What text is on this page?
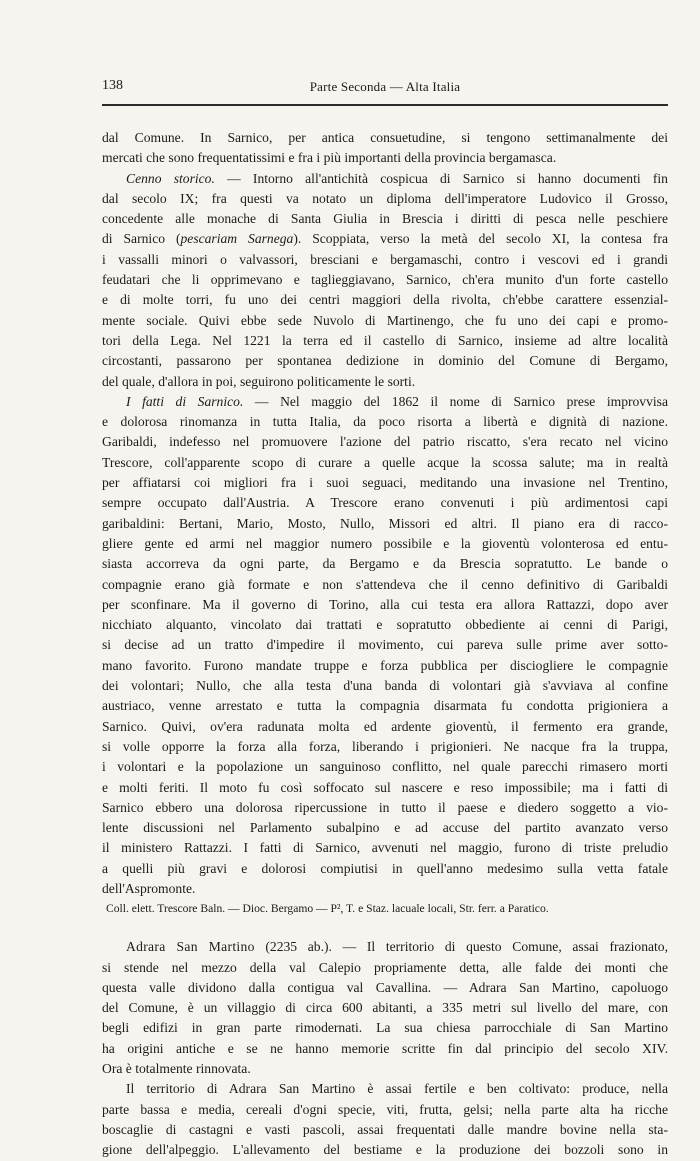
138	Parte Seconda — Alta Italia
dal Comune. In Sarnico, per antica consuetudine, si tengono settimanalmente dei
mercati che sono frequentatissimi e fra i più importanti della provincia bergamasca.
Cenno storico. — Intorno all'antichità cospicua di Sarnico si hanno documenti fin
dal secolo IX; fra questi va notato un diploma dell'imperatore Ludovico il Grosso,
concedente alle monache di Santa Giulia in Brescia i diritti di pesca nelle peschiere
di Sarnico (pescariam Sarnega). Scoppiata, verso la metà del secolo XI, la contesa fra
i vassalli minori o valvassori, bresciani e bergamaschi, contro i vescovi ed i grandi
feudatari che li opprimevano e taglieggiavano, Sarnico, ch'era munito d'un forte castello
e di molte torri, fu uno dei centri maggiori della rivolta, ch'ebbe carattere essenzial-
mente sociale. Quivi ebbe sede Nuvolo di Martinengo, che fu uno dei capi e promo-
tori della Lega. Nel 1221 la terra ed il castello di Sarnico, insieme ad altre località
circostanti, passarono per spontanea dedizione in dominio del Comune di Bergamo,
del quale, d'allora in poi, seguirono politicamente le sorti.
I fatti di Sarnico. — Nel maggio del 1862 il nome di Sarnico prese improvvisa
e dolorosa rinomanza in tutta Italia, da poco risorta a libertà e dignità di nazione.
Garibaldi, indefesso nel promuovere l'azione del patrio riscatto, s'era recato nel vicino
Trescore, coll'apparente scopo di curare a quelle acque la scossa salute; ma in realtà
per affiatarsi coi migliori fra i suoi seguaci, meditando una invasione nel Trentino,
sempre occupato dall'Austria. A Trescore erano convenuti i più ardimentosi capi
garibaldini: Bertani, Mario, Mosto, Nullo, Missori ed altri. Il piano era di racco-
gliere gente ed armi nel maggior numero possibile e la gioventù volonterosa ed entu-
siasta accorreva da ogni parte, da Bergamo e da Brescia sopratutto. Le bande o
compagnie erano già formate e non s'attendeva che il cenno definitivo di Garibaldi
per sconfinare. Ma il governo di Torino, alla cui testa era allora Rattazzi, dopo aver
nicchiato alquanto, vincolato dai trattati e sopratutto obbediente ai cenni di Parigi,
si decise ad un tratto d'impedire il movimento, cui pareva sulle prime aver sotto-
mano favorito. Furono mandate truppe e forza pubblica per disciogliere le compagnie
dei volontari; Nullo, che alla testa d'una banda di volontari già s'avviava al confine
austriaco, venne arrestato e tutta la compagnia disarmata fu condotta prigioniera a
Sarnico. Quivi, ov'era radunata molta ed ardente gioventù, il fermento era grande,
si volle opporre la forza alla forza, liberando i prigionieri. Ne nacque fra la truppa,
i volontari e la popolazione un sanguinoso conflitto, nel quale parecchi rimasero morti
e molti feriti. Il moto fu così soffocato sul nascere e reso impossibile; ma i fatti di
Sarnico ebbero una dolorosa ripercussione in tutto il paese e diedero soggetto a vio-
lente discussioni nel Parlamento subalpino e ad accuse del partito avanzato verso
il ministero Rattazzi. I fatti di Sarnico, avvenuti nel maggio, furono di triste preludio
a quelli più gravi e dolorosi compiutisi in quell'anno medesimo sulla vetta fatale
dell'Aspromonte.
Coll. elett. Trescore Baln. — Dioc. Bergamo — P², T. e Staz. lacuale locali, Str. ferr. a Paratico.
Adrara San Martino (2235 ab.). — Il territorio di questo Comune, assai frazionato,
si stende nel mezzo della val Calepio propriamente detta, alle falde dei monti che
questa valle dividono dalla contigua val Cavallina. — Adrara San Martino, capoluogo
del Comune, è un villaggio di circa 600 abitanti, a 335 metri sul livello del mare, con
begli edifizi in gran parte rimodernati. La sua chiesa parrocchiale di San Martino
ha origini antiche e se ne hanno memorie scritte fin dal principio del secolo XIV.
Ora è totalmente rinnovata.
Il territorio di Adrara San Martino è assai fertile e ben coltivato: produce, nella
parte bassa e media, cereali d'ogni specie, viti, frutta, gelsi; nella parte alta ha ricche
boscaglie di castagni e vasti pascoli, assai frequentati dalle mandre bovine nella sta-
gione dell'alpeggio. L'allevamento del bestiame e la produzione dei bozzoli sono in
